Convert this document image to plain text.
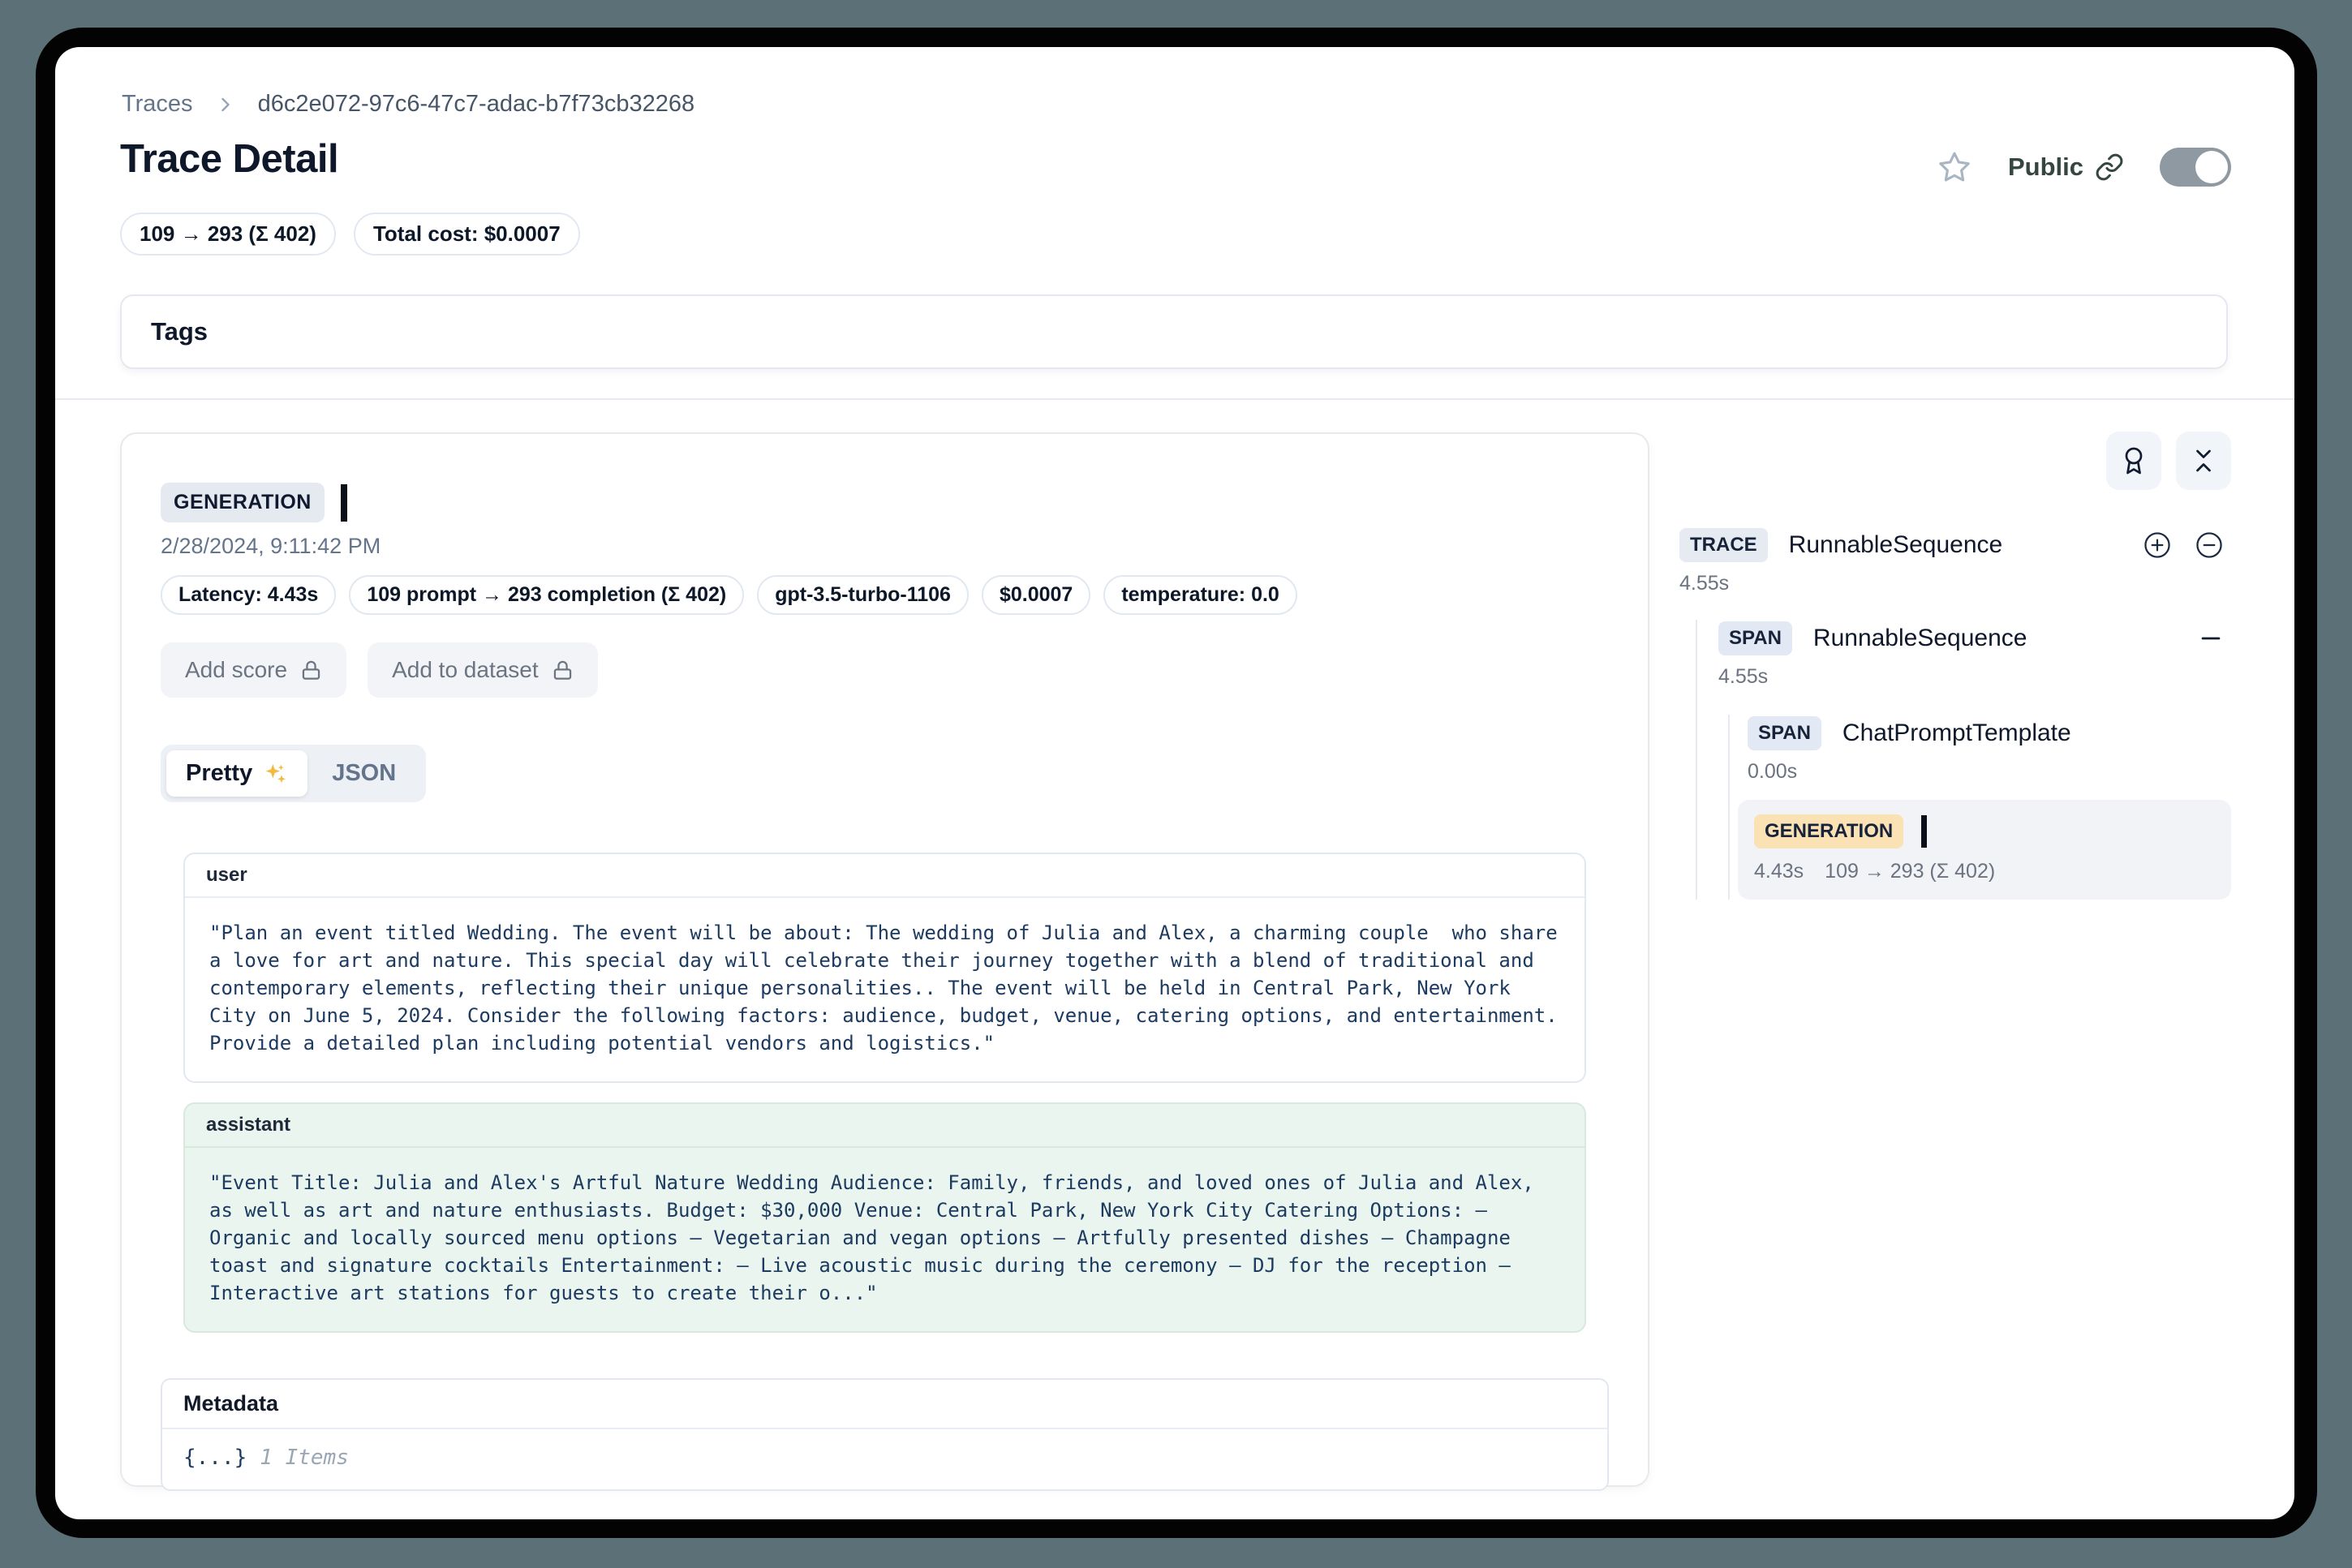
Traces	d6c2e072-97c6-47c7-adac-b7f73cb32268
Trace Detail	Public
109 → 293 (Σ 402)	Total cost: $0.0007
Tags
GENERATION
2/28/2024, 9:11:42 PM
Latency: 4.43s	109 prompt → 293 completion (Σ 402)	gpt-3.5-turbo-1106	$0.0007	temperature: 0.0
Add score	Add to dataset
Pretty	JSON
user
"Plan an event titled Wedding. The event will be about: The wedding of Julia and Alex, a charming couple  who share a love for art and nature. This special day will celebrate their journey together with a blend of traditional and contemporary elements, reflecting their unique personalities.. The event will be held in Central Park, New York City on June 5, 2024. Consider the following factors: audience, budget, venue, catering options, and entertainment. Provide a detailed plan including potential vendors and logistics."
assistant
"Event Title: Julia and Alex's Artful Nature Wedding Audience: Family, friends, and loved ones of Julia and Alex, as well as art and nature enthusiasts. Budget: $30,000 Venue: Central Park, New York City Catering Options: – Organic and locally sourced menu options – Vegetarian and vegan options – Artfully presented dishes – Champagne toast and signature cocktails Entertainment: – Live acoustic music during the ceremony – DJ for the reception – Interactive art stations for guests to create their o..."
Metadata
{...} 1 Items
TRACE	RunnableSequence
4.55s
SPAN	RunnableSequence
4.55s
SPAN	ChatPromptTemplate
0.00s
GENERATION
4.43s 109 → 293 (Σ 402)
